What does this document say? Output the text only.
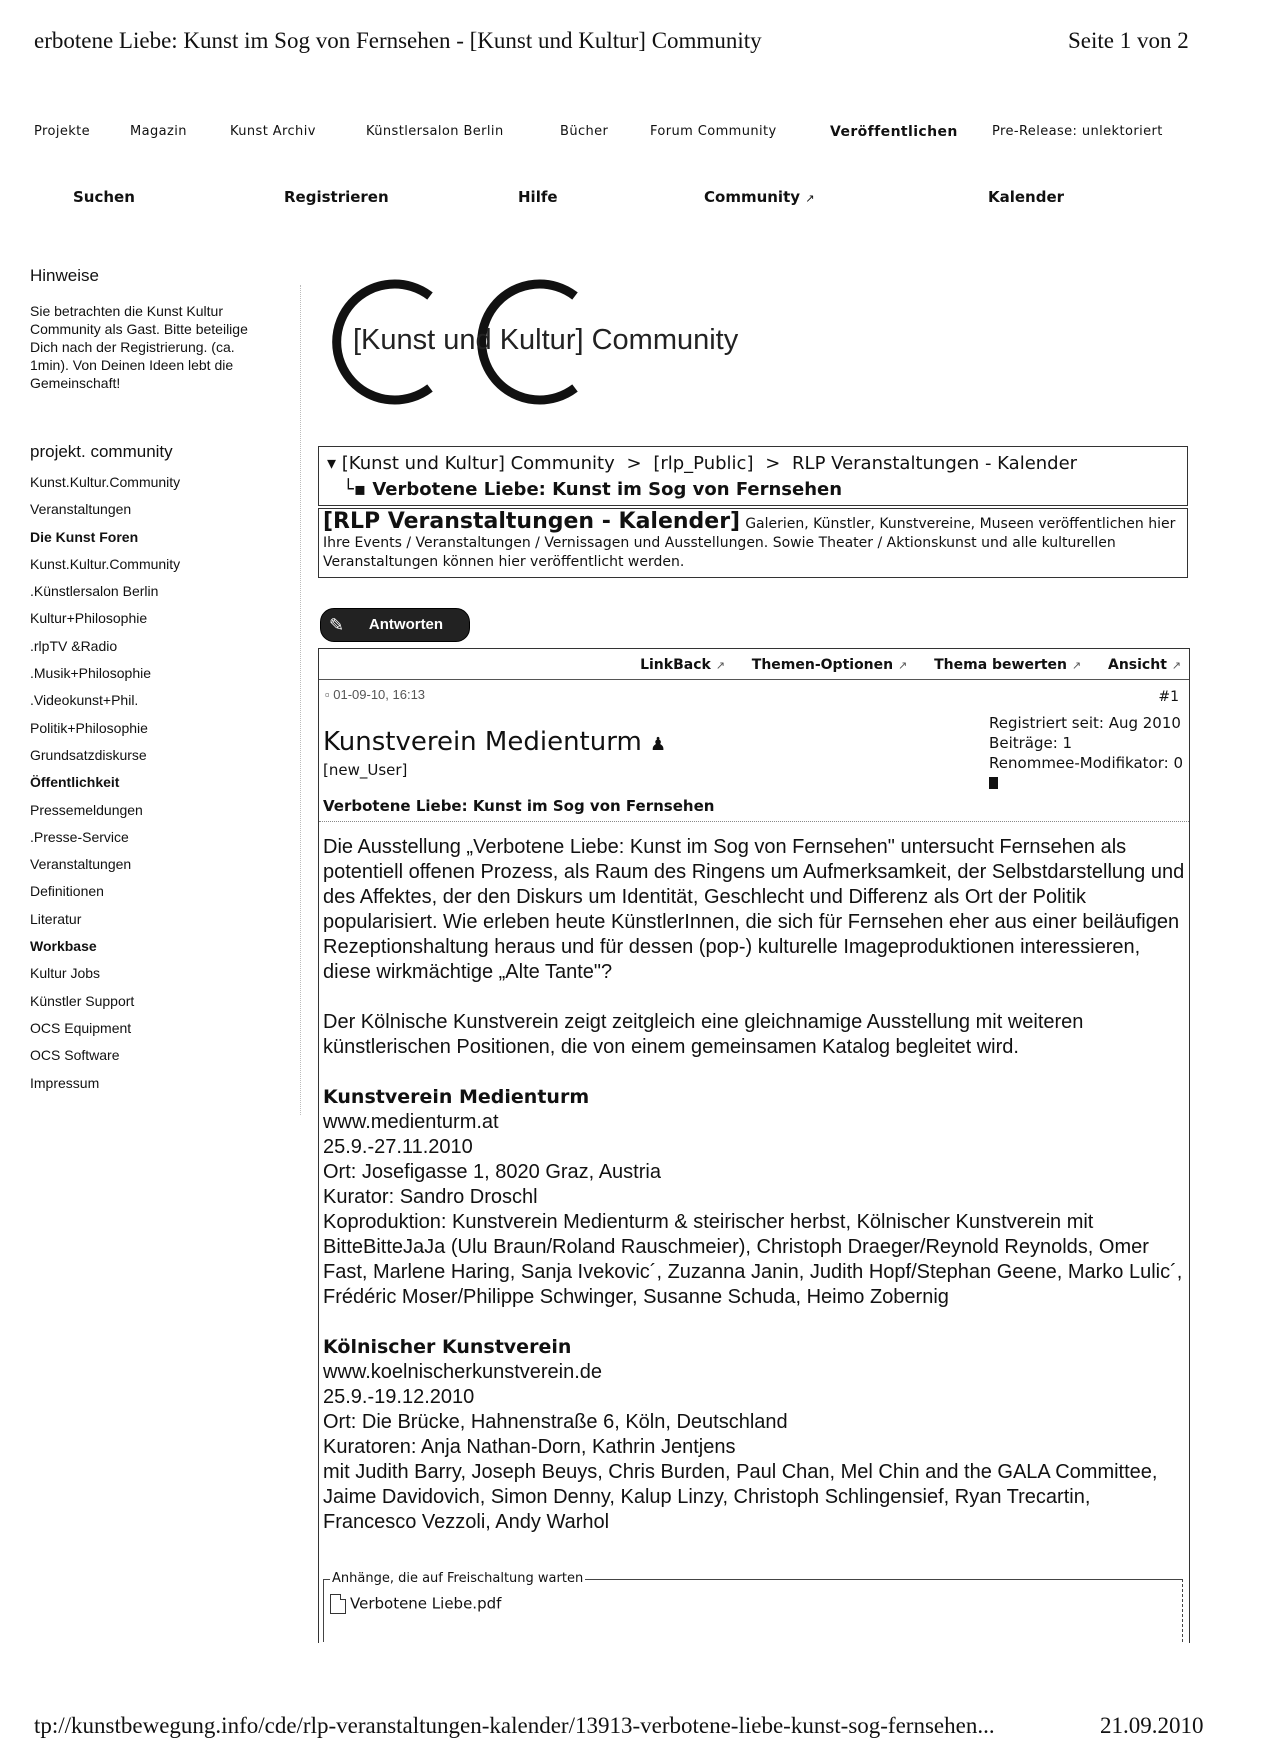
erbotene Liebe: Kunst im Sog von Fernsehen - [Kunst und Kultur] Community	Seite 1 von 2
Projekte	Magazin	Kunst Archiv	Künstlersalon Berlin	Bücher	Forum Community	Veröffentlichen	Pre-Release: unlektoriert
Suchen	Registrieren	Hilfe	Community ↗	Kalender
Hinweise
Sie betrachten die Kunst Kultur Community als Gast. Bitte beteilige Dich nach der Registrierung. (ca. 1min). Von Deinen Ideen lebt die Gemeinschaft!
projekt. community
Kunst.Kultur.Community
Veranstaltungen
Die Kunst Foren
Kunst.Kultur.Community
.Künstlersalon Berlin
Kultur+Philosophie
.rlpTV &Radio
.Musik+Philosophie
.Videokunst+Phil.
Politik+Philosophie
Grundsatzdiskurse
Öffentlichkeit
Pressemeldungen
.Presse-Service
Veranstaltungen
Definitionen
Literatur
Workbase
Kultur Jobs
Künstler Support
OCS Equipment
OCS Software
Impressum
[Kunst und Kultur] Community
▾ [Kunst und Kultur] Community > [rlp_Public] > RLP Veranstaltungen - Kalender
└▪ Verbotene Liebe: Kunst im Sog von Fernsehen
[RLP Veranstaltungen - Kalender] Galerien, Künstler, Kunstvereine, Museen veröffentlichen hier Ihre Events / Veranstaltungen / Vernissagen und Ausstellungen. Sowie Theater / Aktionskunst und alle kulturellen Veranstaltungen können hier veröffentlicht werden.
✎ Antworten
LinkBack ↗ Themen-Optionen ↗ Thema bewerten ↗ Ansicht ↗
▫ 01-09-10, 16:13	#1
Kunstverein Medienturm ♟
[new_User]
Registriert seit: Aug 2010
Beiträge: 1
Renommee-Modifikator: 0
Verbotene Liebe: Kunst im Sog von Fernsehen

Die Ausstellung „Verbotene Liebe: Kunst im Sog von Fernsehen" untersucht Fernsehen als potentiell offenen Prozess, als Raum des Ringens um Aufmerksamkeit, der Selbstdarstellung und des Affektes, der den Diskurs um Identität, Geschlecht und Differenz als Ort der Politik popularisiert. Wie erleben heute KünstlerInnen, die sich für Fernsehen eher aus einer beiläufigen Rezeptionshaltung heraus und für dessen (pop-) kulturelle Imageproduktionen interessieren, diese wirkmächtige „Alte Tante"?

Der Kölnische Kunstverein zeigt zeitgleich eine gleichnamige Ausstellung mit weiteren künstlerischen Positionen, die von einem gemeinsamen Katalog begleitet wird.

Kunstverein Medienturm
www.medienturm.at
25.9.-27.11.2010
Ort: Josefigasse 1, 8020 Graz, Austria
Kurator: Sandro Droschl
Koproduktion: Kunstverein Medienturm & steirischer herbst, Kölnischer Kunstverein mit BitteBitteJaJa (Ulu Braun/Roland Rauschmeier), Christoph Draeger/Reynold Reynolds, Omer Fast, Marlene Haring, Sanja Ivekovic´, Zuzanna Janin, Judith Hopf/Stephan Geene, Marko Lulic´, Frédéric Moser/Philippe Schwinger, Susanne Schuda, Heimo Zobernig

Kölnischer Kunstverein
www.koelnischerkunstverein.de
25.9.-19.12.2010
Ort: Die Brücke, Hahnenstraße 6, Köln, Deutschland
Kuratoren: Anja Nathan-Dorn, Kathrin Jentjens
mit Judith Barry, Joseph Beuys, Chris Burden, Paul Chan, Mel Chin and the GALA Committee, Jaime Davidovich, Simon Denny, Kalup Linzy, Christoph Schlingensief, Ryan Trecartin, Francesco Vezzoli, Andy Warhol

Anhänge, die auf Freischaltung warten
Verbotene Liebe.pdf
tp://kunstbewegung.info/cde/rlp-veranstaltungen-kalender/13913-verbotene-liebe-kunst-sog-fernsehen...	21.09.2010
